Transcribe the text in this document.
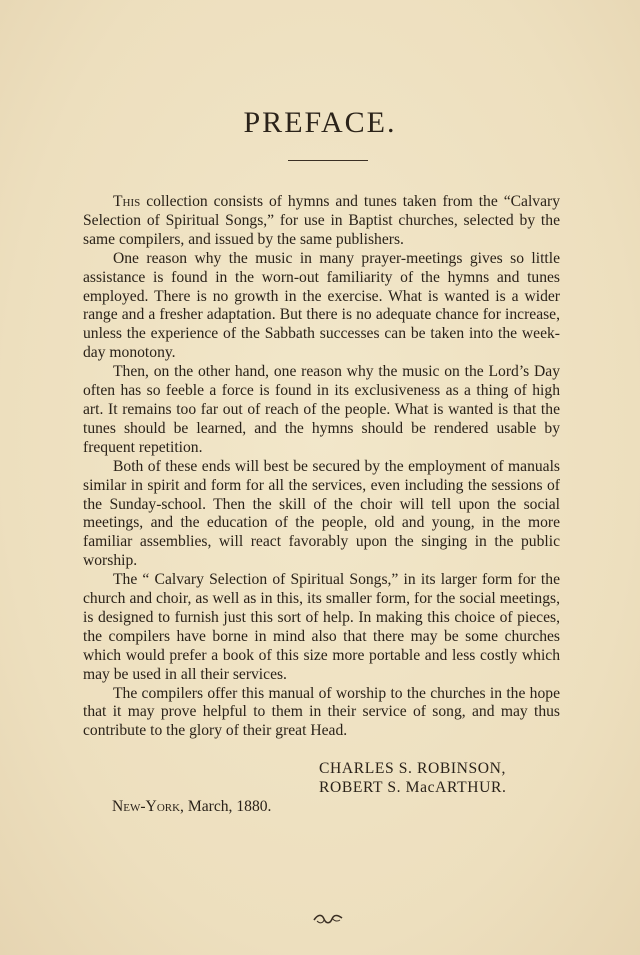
PREFACE.

This collection consists of hymns and tunes taken from the “Calvary Selection of Spiritual Songs,” for use in Baptist churches, selected by the same compilers, and issued by the same publishers.

One reason why the music in many prayer-meetings gives so little assistance is found in the worn-out familiarity of the hymns and tunes employed. There is no growth in the exercise. What is wanted is a wider range and a fresher adaptation. But there is no adequate chance for increase, unless the experience of the Sabbath successes can be taken into the week-day monotony.

Then, on the other hand, one reason why the music on the Lord’s Day often has so feeble a force is found in its exclusiveness as a thing of high art. It remains too far out of reach of the people. What is wanted is that the tunes should be learned, and the hymns should be rendered usable by frequent repetition.

Both of these ends will best be secured by the employment of manuals similar in spirit and form for all the services, even including the sessions of the Sunday-school. Then the skill of the choir will tell upon the social meetings, and the education of the people, old and young, in the more familiar assemblies, will react favorably upon the singing in the public worship.

The “ Calvary Selection of Spiritual Songs,” in its larger form for the church and choir, as well as in this, its smaller form, for the social meetings, is designed to furnish just this sort of help. In making this choice of pieces, the compilers have borne in mind also that there may be some churches which would prefer a book of this size more portable and less costly which may be used in all their services.

The compilers offer this manual of worship to the churches in the hope that it may prove helpful to them in their service of song, and may thus contribute to the glory of their great Head.

CHARLES S. ROBINSON,
ROBERT S. MacARTHUR.
New-York, March, 1880.
